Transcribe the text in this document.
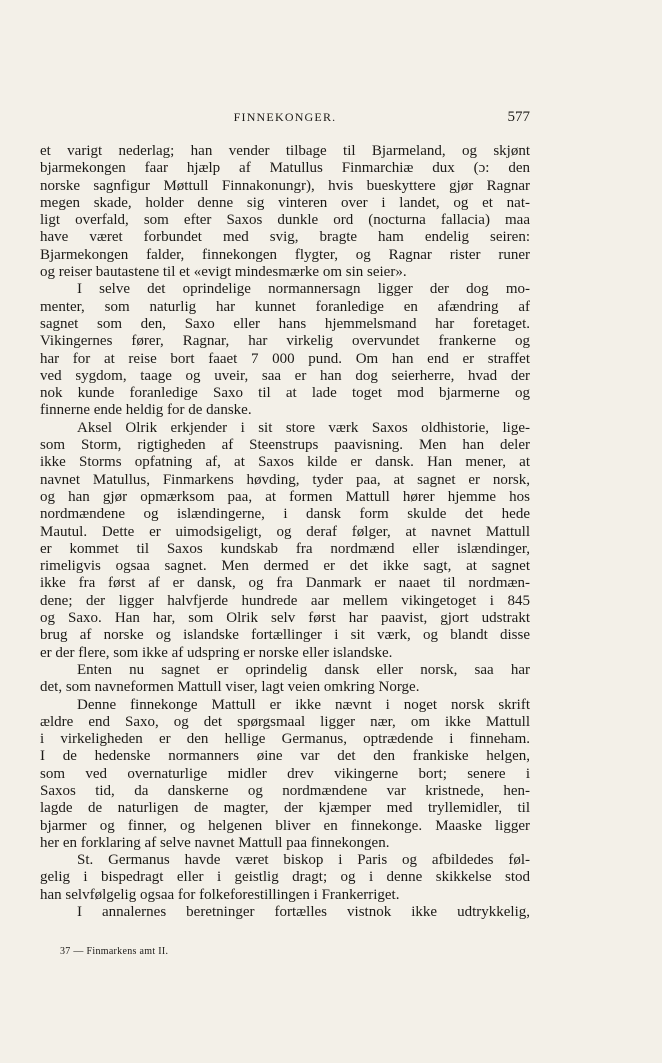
FINNEKONGER.	577
et varigt nederlag; han vender tilbage til Bjarmeland, og skjønt
bjarmekongen faar hjælp af Matullus Finmarchiæ dux (ɔ: den
norske sagnfigur Møttull Finnakonungr), hvis bueskyttere gjør Ragnar
megen skade, holder denne sig vinteren over i landet, og et nat-
ligt overfald, som efter Saxos dunkle ord (nocturna fallacia) maa
have været forbundet med svig, bragte ham endelig seiren:
Bjarmekongen falder, finnekongen flygter, og Ragnar rister runer
og reiser bautastene til et «evigt mindesmærke om sin seier».
I selve det oprindelige normannersagn ligger der dog mo-
menter, som naturlig har kunnet foranledige en afændring af
sagnet som den, Saxo eller hans hjemmelsmand har foretaget.
Vikingernes fører, Ragnar, har virkelig overvundet frankerne og
har for at reise bort faaet 7 000 pund. Om han end er straffet
ved sygdom, taage og uveir, saa er han dog seierherre, hvad der
nok kunde foranledige Saxo til at lade toget mod bjarmerne og
finnerne ende heldig for de danske.
Aksel Olrik erkjender i sit store værk Saxos oldhistorie, lige-
som Storm, rigtigheden af Steenstrups paavisning. Men han deler
ikke Storms opfatning af, at Saxos kilde er dansk. Han mener, at
navnet Matullus, Finmarkens høvding, tyder paa, at sagnet er norsk,
og han gjør opmærksom paa, at formen Mattull hører hjemme hos
nordmændene og islændingerne, i dansk form skulde det hede
Mautul. Dette er uimodsigeligt, og deraf følger, at navnet Mattull
er kommet til Saxos kundskab fra nordmænd eller islændinger,
rimeligvis ogsaa sagnet. Men dermed er det ikke sagt, at sagnet
ikke fra først af er dansk, og fra Danmark er naaet til nordmæn-
dene; der ligger halvfjerde hundrede aar mellem vikingetoget i 845
og Saxo. Han har, som Olrik selv først har paavist, gjort udstrakt
brug af norske og islandske fortællinger i sit værk, og blandt disse
er der flere, som ikke af udspring er norske eller islandske.
Enten nu sagnet er oprindelig dansk eller norsk, saa har
det, som navneformen Mattull viser, lagt veien omkring Norge.
Denne finnekonge Mattull er ikke nævnt i noget norsk skrift
ældre end Saxo, og det spørgsmaal ligger nær, om ikke Mattull
i virkeligheden er den hellige Germanus, optrædende i finneham.
I de hedenske normanners øine var det den frankiske helgen,
som ved overnaturlige midler drev vikingerne bort; senere i
Saxos tid, da danskerne og nordmændene var kristnede, hen-
lagde de naturligen de magter, der kjæmper med tryllemidler, til
bjarmer og finner, og helgenen bliver en finnekonge. Maaske ligger
her en forklaring af selve navnet Mattull paa finnekongen.
St. Germanus havde været biskop i Paris og afbildedes føl-
gelig i bispedragt eller i geistlig dragt; og i denne skikkelse stod
han selvfølgelig ogsaa for folkeforestillingen i Frankerriget.
I annalernes beretninger fortælles vistnok ikke udtrykkelig,
37 — Finmarkens amt II.
